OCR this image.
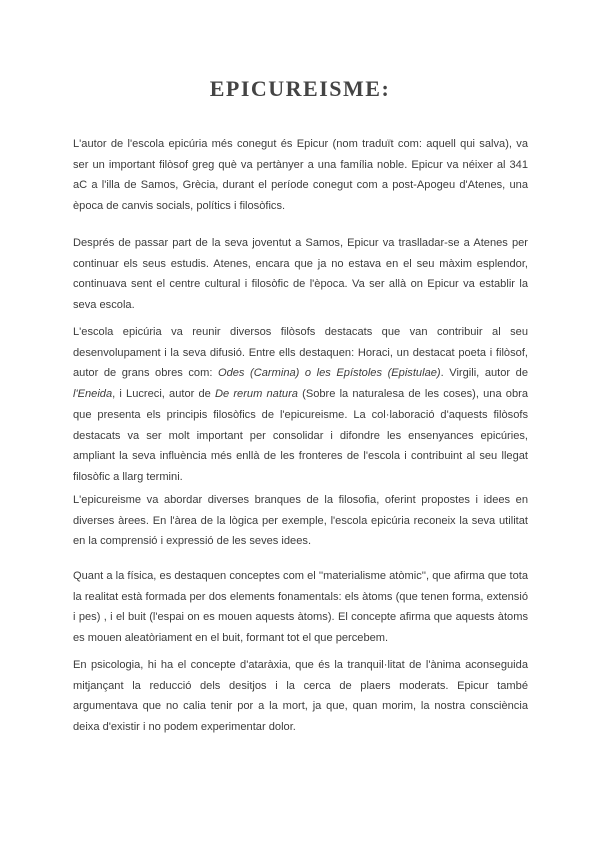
EPICUREISME:

L'autor de l'escola epicúria més conegut és Epicur (nom traduït com: aquell qui salva), va ser un important filòsof greg què va pertànyer a una família noble. Epicur va néixer al 341 aC a l'illa de Samos, Grècia, durant el període conegut com a post-Apogeu d'Atenes, una època de canvis socials, polítics i filosòfics.

Després de passar part de la seva joventut a Samos, Epicur va traslladar-se a Atenes per continuar els seus estudis. Atenes, encara que ja no estava en el seu màxim esplendor, continuava sent el centre cultural i filosòfic de l'època. Va ser allà on Epicur va establir la seva escola.

L'escola epicúria va reunir diversos filòsofs destacats que van contribuir al seu desenvolupament i la seva difusió. Entre ells destaquen: Horaci, un destacat poeta i filòsof, autor de grans obres com: Odes (Carmina) o les Epístoles (Epistulae). Virgili, autor de l'Eneida, i Lucreci, autor de De rerum natura (Sobre la naturalesa de les coses), una obra que presenta els principis filosòfics de l'epicureisme. La col·laboració d'aquests filòsofs destacats va ser molt important per consolidar i difondre les ensenyances epicúries, ampliant la seva influència més enllà de les fronteres de l'escola i contribuint al seu llegat filosòfic a llarg termini.

L'epicureisme va abordar diverses branques de la filosofia, oferint propostes i idees en diverses àrees. En l'àrea de la lògica per exemple, l'escola epicúria reconeix la seva utilitat en la comprensió i expressió de les seves idees.

Quant a la física, es destaquen conceptes com el ''materialisme atòmic'', que afirma que tota la realitat està formada per dos elements fonamentals: els àtoms (que tenen forma, extensió i pes) , i el buit (l'espai on es mouen aquests àtoms). El concepte afirma que aquests àtoms es mouen aleatòriament en el buit, formant tot el que percebem.

En psicologia, hi ha el concepte d'ataràxia, que és la tranquil·litat de l'ànima aconseguida mitjançant la reducció dels desitjos i la cerca de plaers moderats. Epicur també argumentava que no calia tenir por a la mort, ja que, quan morim, la nostra consciència deixa d'existir i no podem experimentar dolor.
